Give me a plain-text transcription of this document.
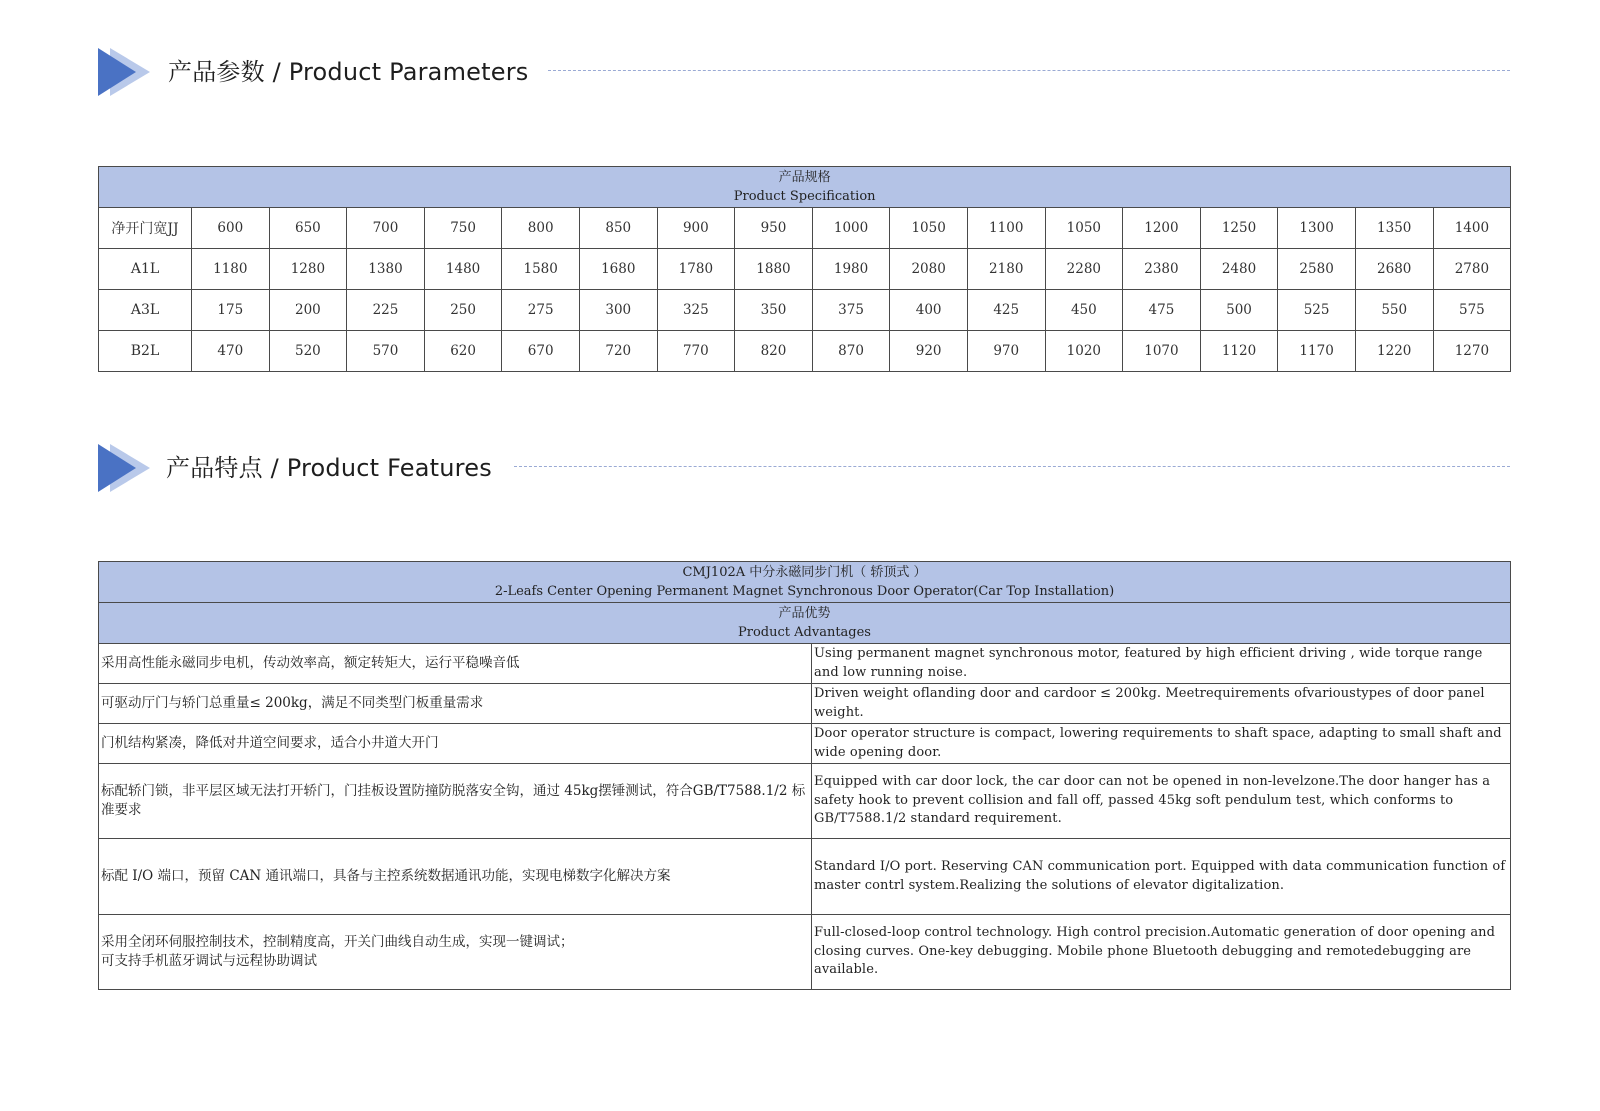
产品参数 / Product Parameters
产品规格
Product Specification																	

净开门宽JJ	600	650	700	750	800	850	900	950	1000	1050	1100	1050	1200	1250	1300	1350	1400
A1L	1180	1280	1380	1480	1580	1680	1780	1880	1980	2080	2180	2280	2380	2480	2580	2680	2780
A3L	175	200	225	250	275	300	325	350	375	400	425	450	475	500	525	550	575
B2L	470	520	570	620	670	720	770	820	870	920	970	1020	1070	1120	1170	1220	1270
产品特点 / Product Features
CMJ102A 中分永磁同步门机（ 轿顶式 ）
2-Leafs Center Opening Permanent Magnet Synchronous Door Operator(Car Top Installation)	

产品优势
Product Advantages	

采用高性能永磁同步电机，传动效率高，额定转矩大，运行平稳噪音低	Using permanent magnet synchronous motor, featured by high efficient driving , wide torque range and low running noise.
可驱动厅门与轿门总重量≤ 200kg，满足不同类型门板重量需求	Driven weight oflanding door and cardoor ≤ 200kg. Meetrequirements ofvarioustypes of door panel weight.
门机结构紧凑，降低对井道空间要求，适合小井道大开门	Door operator structure is compact, lowering requirements to shaft space, adapting to small shaft and wide opening door.
标配轿门锁，非平层区域无法打开轿门，门挂板设置防撞防脱落安全钩，通过 45kg摆锤测试，符合GB/T7588.1/2 标准要求	Equipped with car door lock, the car door can not be opened in non-levelzone.The door hanger has a safety hook to prevent collision and fall off, passed 45kg soft pendulum test, which conforms to GB/T7588.1/2 standard requirement.
标配 I/O 端口，预留 CAN 通讯端口，具备与主控系统数据通讯功能，实现电梯数字化解决方案	Standard I/O port. Reserving CAN communication port. Equipped with data communication function of master contrl system.Realizing the solutions of elevator digitalization.
采用全闭环伺服控制技术，控制精度高，开关门曲线自动生成，实现一键调试；
可支持手机蓝牙调试与远程协助调试	Full-closed-loop control technology. High control precision.Automatic generation of door opening and closing curves. One-key debugging. Mobile phone Bluetooth debugging and remotedebugging are available.
